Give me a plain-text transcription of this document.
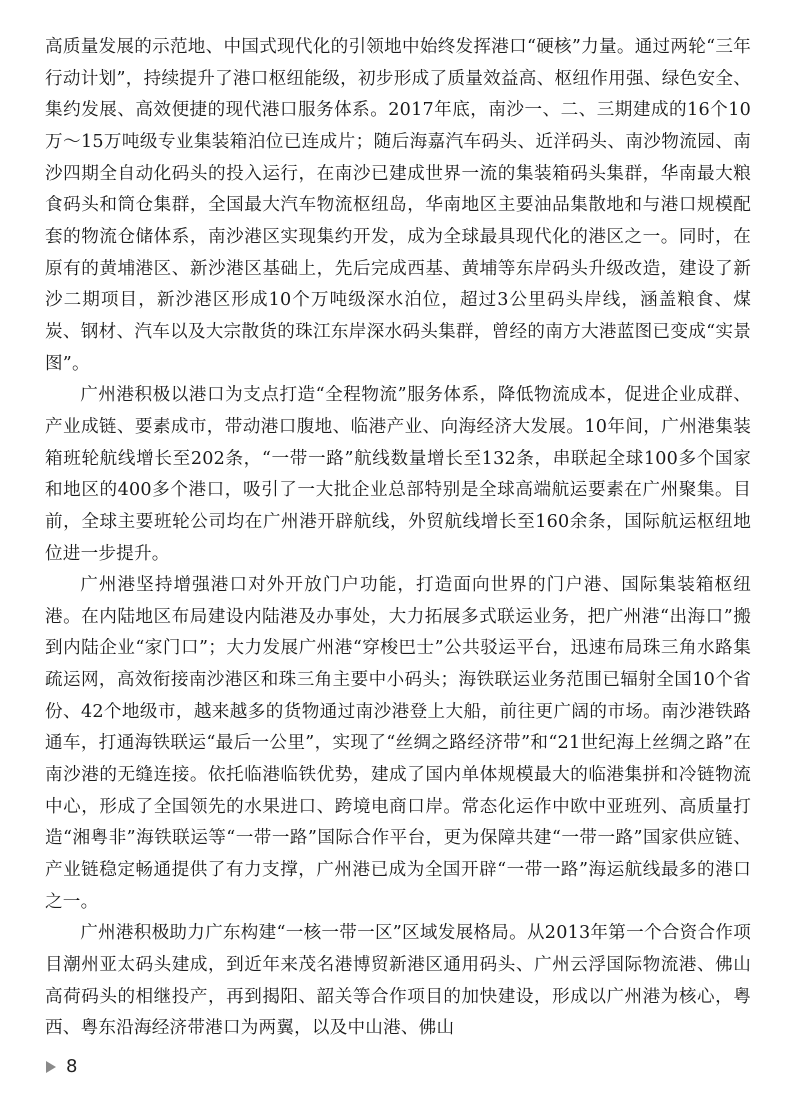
高质量发展的示范地、中国式现代化的引领地中始终发挥港口“硬核”力量。通过两轮“三年行动计划”，持续提升了港口枢纽能级，初步形成了质量效益高、枢纽作用强、绿色安全、集约发展、高效便捷的现代港口服务体系。2017年底，南沙一、二、三期建成的16个10万～15万吨级专业集装箱泊位已连成片；随后海嘉汽车码头、近洋码头、南沙物流园、南沙四期全自动化码头的投入运行，在南沙已建成世界一流的集装箱码头集群，华南最大粮食码头和筒仓集群，全国最大汽车物流枢纽岛，华南地区主要油品集散地和与港口规模配套的物流仓储体系，南沙港区实现集约开发，成为全球最具现代化的港区之一。同时，在原有的黄埔港区、新沙港区基础上，先后完成西基、黄埔等东岸码头升级改造，建设了新沙二期项目，新沙港区形成10个万吨级深水泊位，超过3公里码头岸线，涵盖粮食、煤炭、钢材、汽车以及大宗散货的珠江东岸深水码头集群，曾经的南方大港蓝图已变成“实景图”。

广州港积极以港口为支点打造“全程物流”服务体系，降低物流成本，促进企业成群、产业成链、要素成市，带动港口腹地、临港产业、向海经济大发展。10年间，广州港集装箱班轮航线增长至202条，“一带一路”航线数量增长至132条，串联起全球100多个国家和地区的400多个港口，吸引了一大批企业总部特别是全球高端航运要素在广州聚集。目前，全球主要班轮公司均在广州港开辟航线，外贸航线增长至160余条，国际航运枢纽地位进一步提升。

广州港坚持增强港口对外开放门户功能，打造面向世界的门户港、国际集装箱枢纽港。在内陆地区布局建设内陆港及办事处，大力拓展多式联运业务，把广州港“出海口”搬到内陆企业“家门口”；大力发展广州港“穿梭巴士”公共驳运平台，迅速布局珠三角水路集疏运网，高效衔接南沙港区和珠三角主要中小码头；海铁联运业务范围已辐射全国10个省份、42个地级市，越来越多的货物通过南沙港登上大船，前往更广阔的市场。南沙港铁路通车，打通海铁联运“最后一公里”，实现了“丝绸之路经济带”和“21世纪海上丝绸之路”在南沙港的无缝连接。依托临港临铁优势，建成了国内单体规模最大的临港集拼和冷链物流中心，形成了全国领先的水果进口、跨境电商口岸。常态化运作中欧中亚班列、高质量打造“湘粤非”海铁联运等“一带一路”国际合作平台，更为保障共建“一带一路”国家供应链、产业链稳定畅通提供了有力支撑，广州港已成为全国开辟“一带一路”海运航线最多的港口之一。

广州港积极助力广东构建“一核一带一区”区域发展格局。从2013年第一个合资合作项目潮州亚太码头建成，到近年来茂名港博贸新港区通用码头、广州云浮国际物流港、佛山高荷码头的相继投产，再到揭阳、韶关等合作项目的加快建设，形成以广州港为核心，粤西、粤东沿海经济带港口为两翼，以及中山港、佛山

8
